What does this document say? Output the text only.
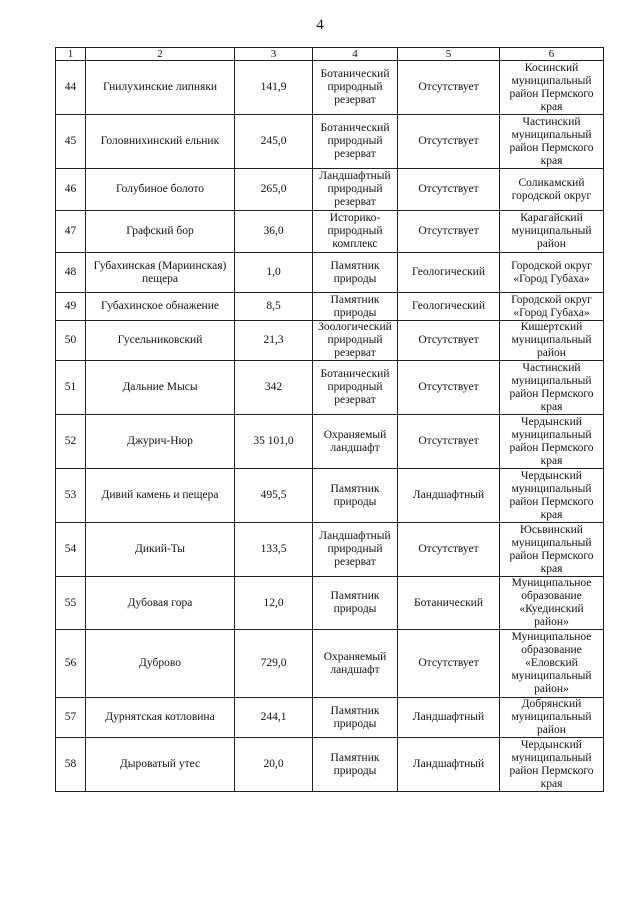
4
1	2	3	4	5	6
44	Гнилухинские липняки	141,9	Ботанический природный резерват	Отсутствует	Косинский муниципальный район Пермского края
45	Головнихинский ельник	245,0	Ботанический природный резерват	Отсутствует	Частинский муниципальный район Пермского края
46	Голубиное болото	265,0	Ландшафтный природный резерват	Отсутствует	Соликамский городской округ
47	Графский бор	36,0	Историко-природный комплекс	Отсутствует	Карагайский муниципальный район
48	Губахинская (Мариинская) пещера	1,0	Памятник природы	Геологический	Городской округ «Город Губаха»
49	Губахинское обнажение	8,5	Памятник природы	Геологический	Городской округ «Город Губаха»
50	Гусельниковский	21,3	Зоологический природный резерват	Отсутствует	Кишертский муниципальный район
51	Дальние Мысы	342	Ботанический природный резерват	Отсутствует	Частинский муниципальный район Пермского края
52	Джурич-Нюр	35 101,0	Охраняемый ландшафт	Отсутствует	Чердынский муниципальный район Пермского края
53	Дивий камень и пещера	495,5	Памятник природы	Ландшафтный	Чердынский муниципальный район Пермского края
54	Дикий-Ты	133,5	Ландшафтный природный резерват	Отсутствует	Юсьвинский муниципальный район Пермского края
55	Дубовая гора	12,0	Памятник природы	Ботанический	Муниципальное образование «Куединский район»
56	Дуброво	729,0	Охраняемый ландшафт	Отсутствует	Муниципальное образование «Еловский муниципальный район»
57	Дурнятская котловина	244,1	Памятник природы	Ландшафтный	Добрянский муниципальный район
58	Дыроватый утес	20,0	Памятник природы	Ландшафтный	Чердынский муниципальный район Пермского края
